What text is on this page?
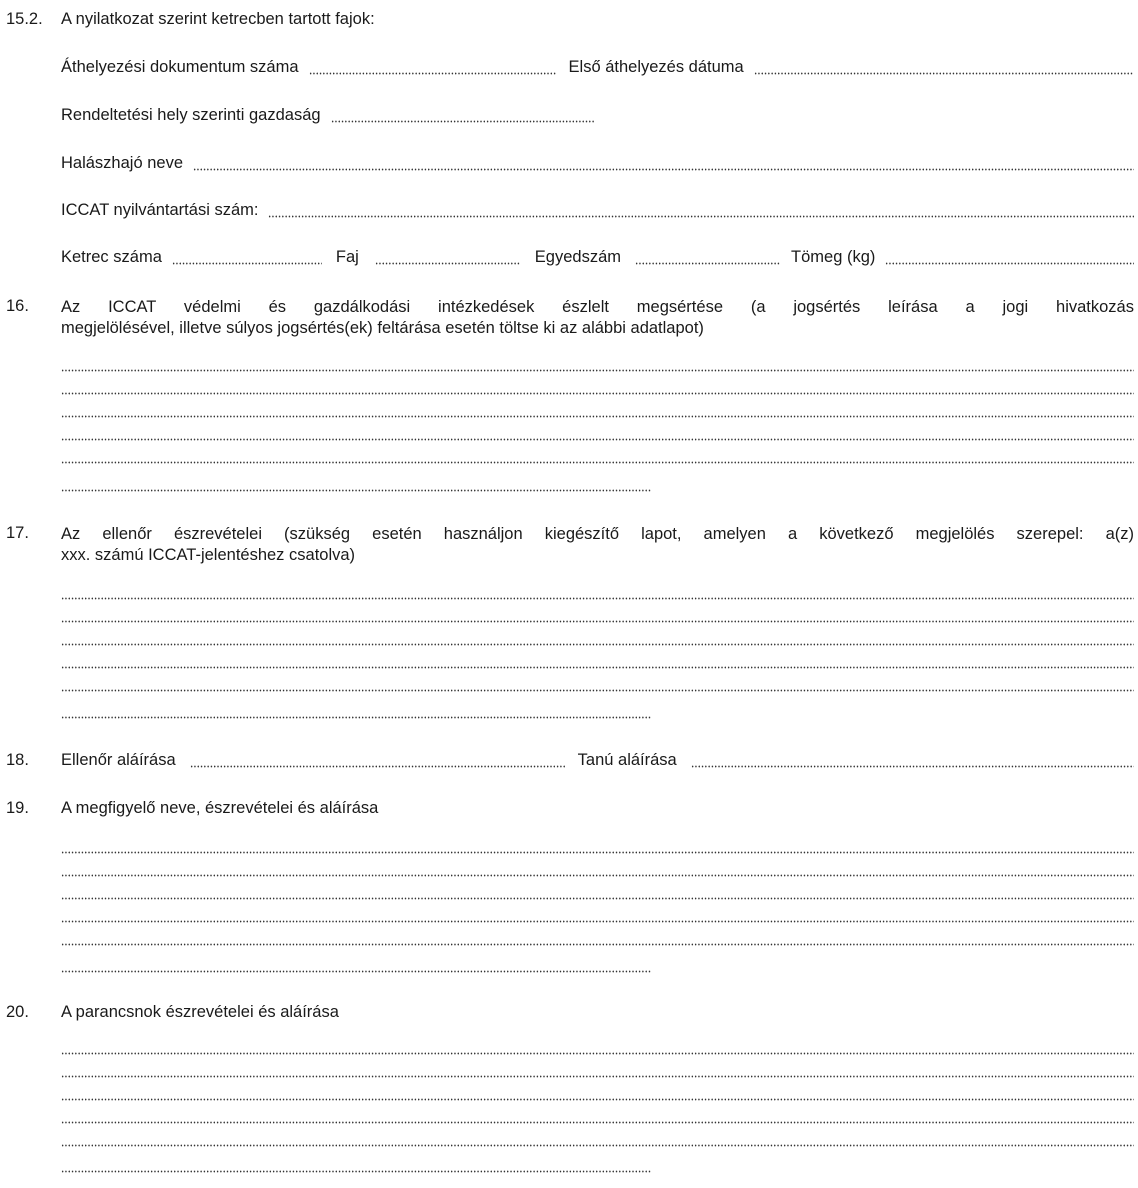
15.2. A nyilatkozat szerint ketrecben tartott fajok:
Áthelyezési dokumentum száma	Első áthelyezés dátuma
Rendeltetési hely szerinti gazdaság
Halászhajó neve
ICCAT nyilvántartási szám:
Ketrec száma	Faj	Egyedszám	Tömeg (kg)
16. Az ICCAT védelmi és gazdálkodási intézkedések észlelt megsértése (a jogsértés leírása a jogi hivatkozás
megjelölésével, illetve súlyos jogsértés(ek) feltárása esetén töltse ki az alábbi adatlapot)
17. Az ellenőr észrevételei (szükség esetén használjon kiegészítő lapot, amelyen a következő megjelölés szerepel: a(z)
xxx. számú ICCAT-jelentéshez csatolva)
18. Ellenőr aláírása	Tanú aláírása
19. A megfigyelő neve, észrevételei és aláírása
20. A parancsnok észrevételei és aláírása
